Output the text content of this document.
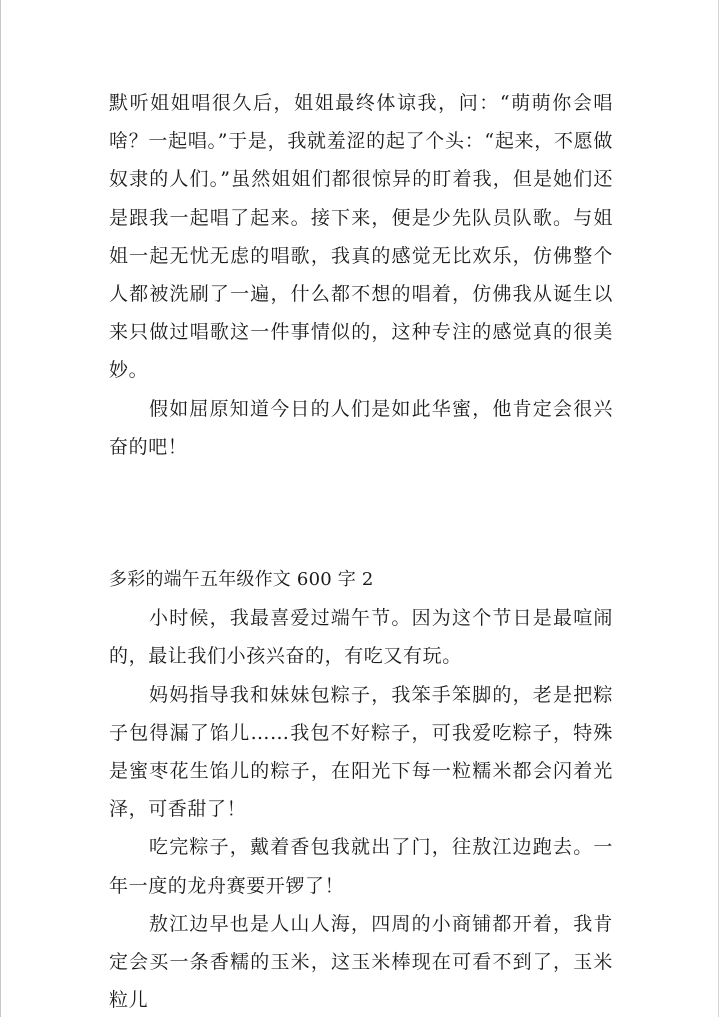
默听姐姐唱很久后，姐姐最终体谅我，问：“萌萌你会唱啥？一起唱。”于是，我就羞涩的起了个头：“起来，不愿做奴隶的人们。”虽然姐姐们都很惊异的盯着我，但是她们还是跟我一起唱了起来。接下来，便是少先队员队歌。与姐姐一起无忧无虑的唱歌，我真的感觉无比欢乐，仿佛整个人都被洗刷了一遍，什么都不想的唱着，仿佛我从诞生以来只做过唱歌这一件事情似的，这种专注的感觉真的很美妙。

假如屈原知道今日的人们是如此华蜜，他肯定会很兴奋的吧！

多彩的端午五年级作文 600 字 2

小时候，我最喜爱过端午节。因为这个节日是最喧闹的，最让我们小孩兴奋的，有吃又有玩。

妈妈指导我和妹妹包粽子，我笨手笨脚的，老是把粽子包得漏了馅儿……我包不好粽子，可我爱吃粽子，特殊是蜜枣花生馅儿的粽子，在阳光下每一粒糯米都会闪着光泽，可香甜了！

吃完粽子，戴着香包我就出了门，往敖江边跑去。一年一度的龙舟赛要开锣了！

敖江边早也是人山人海，四周的小商铺都开着，我肯定会买一条香糯的玉米，这玉米棒现在可看不到了，玉米粒儿
